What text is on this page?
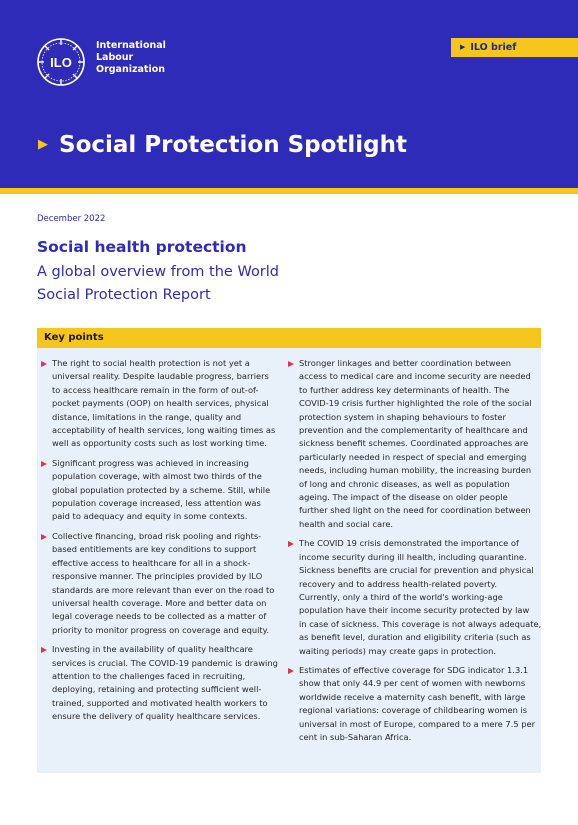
ILO
International
Labour
Organization
▶ ILO brief
▶ Social Protection Spotlight
December 2022
Social health protection
A global overview from the World
Social Protection Report
Key points
The right to social health protection is not yet a
universal reality. Despite laudable progress, barriers
to access healthcare remain in the form of out-of-
pocket payments (OOP) on health services, physical
distance, limitations in the range, quality and
acceptability of health services, long waiting times as
well as opportunity costs such as lost working time.
Significant progress was achieved in increasing
population coverage, with almost two thirds of the
global population protected by a scheme. Still, while
population coverage increased, less attention was
paid to adequacy and equity in some contexts.
Collective financing, broad risk pooling and rights-
based entitlements are key conditions to support
effective access to healthcare for all in a shock-
responsive manner. The principles provided by ILO
standards are more relevant than ever on the road to
universal health coverage. More and better data on
legal coverage needs to be collected as a matter of
priority to monitor progress on coverage and equity.
Investing in the availability of quality healthcare
services is crucial. The COVID-19 pandemic is drawing
attention to the challenges faced in recruiting,
deploying, retaining and protecting sufficient well-
trained, supported and motivated health workers to
ensure the delivery of quality healthcare services.
Stronger linkages and better coordination between
access to medical care and income security are needed
to further address key determinants of health. The
COVID-19 crisis further highlighted the role of the social
protection system in shaping behaviours to foster
prevention and the complementarity of healthcare and
sickness benefit schemes. Coordinated approaches are
particularly needed in respect of special and emerging
needs, including human mobility, the increasing burden
of long and chronic diseases, as well as population
ageing. The impact of the disease on older people
further shed light on the need for coordination between
health and social care.
The COVID 19 crisis demonstrated the importance of
income security during ill health, including quarantine.
Sickness benefits are crucial for prevention and physical
recovery and to address health-related poverty.
Currently, only a third of the world's working-age
population have their income security protected by law
in case of sickness. This coverage is not always adequate,
as benefit level, duration and eligibility criteria (such as
waiting periods) may create gaps in protection.
Estimates of effective coverage for SDG indicator 1.3.1
show that only 44.9 per cent of women with newborns
worldwide receive a maternity cash benefit, with large
regional variations: coverage of childbearing women is
universal in most of Europe, compared to a mere 7.5 per
cent in sub-Saharan Africa.
